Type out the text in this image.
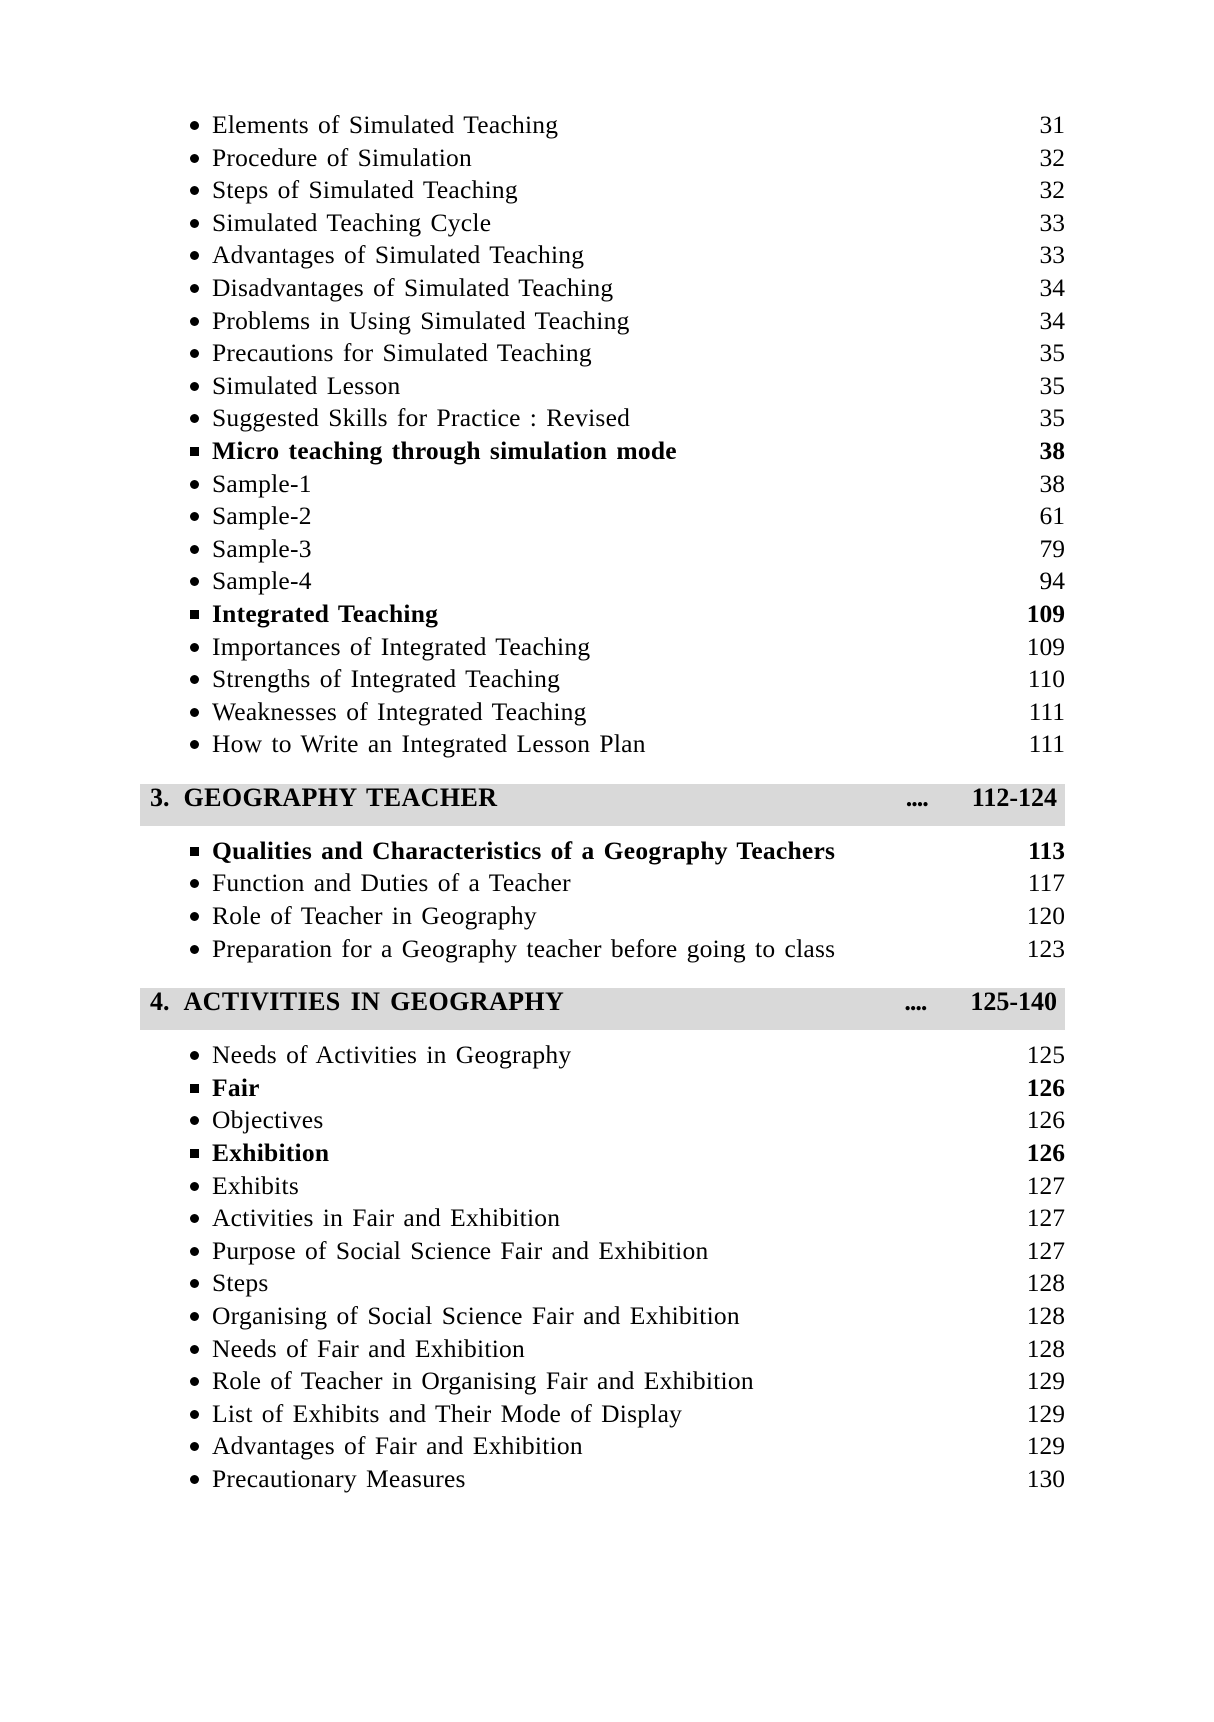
Elements of Simulated Teaching	31
Procedure of Simulation	32
Steps of Simulated Teaching	32
Simulated Teaching Cycle	33
Advantages of Simulated Teaching	33
Disadvantages of Simulated Teaching	34
Problems in Using Simulated Teaching	34
Precautions for Simulated Teaching	35
Simulated Lesson	35
Suggested Skills for Practice : Revised	35
Micro teaching through simulation mode	38
Sample-1	38
Sample-2	61
Sample-3	79
Sample-4	94
Integrated Teaching	109
Importances of Integrated Teaching	109
Strengths of Integrated Teaching	110
Weaknesses of Integrated Teaching	111
How to Write an Integrated Lesson Plan	111
3. GEOGRAPHY TEACHER	.... 112-124
Qualities and Characteristics of a Geography Teachers	113
Function and Duties of a Teacher	117
Role of Teacher in Geography	120
Preparation for a Geography teacher before going to class	123
4. ACTIVITIES IN GEOGRAPHY	.... 125-140
Needs of Activities in Geography	125
Fair	126
Objectives	126
Exhibition	126
Exhibits	127
Activities in Fair and Exhibition	127
Purpose of Social Science Fair and Exhibition	127
Steps	128
Organising of Social Science Fair and Exhibition	128
Needs of Fair and Exhibition	128
Role of Teacher in Organising Fair and Exhibition	129
List of Exhibits and Their Mode of Display	129
Advantages of Fair and Exhibition	129
Precautionary Measures	130
